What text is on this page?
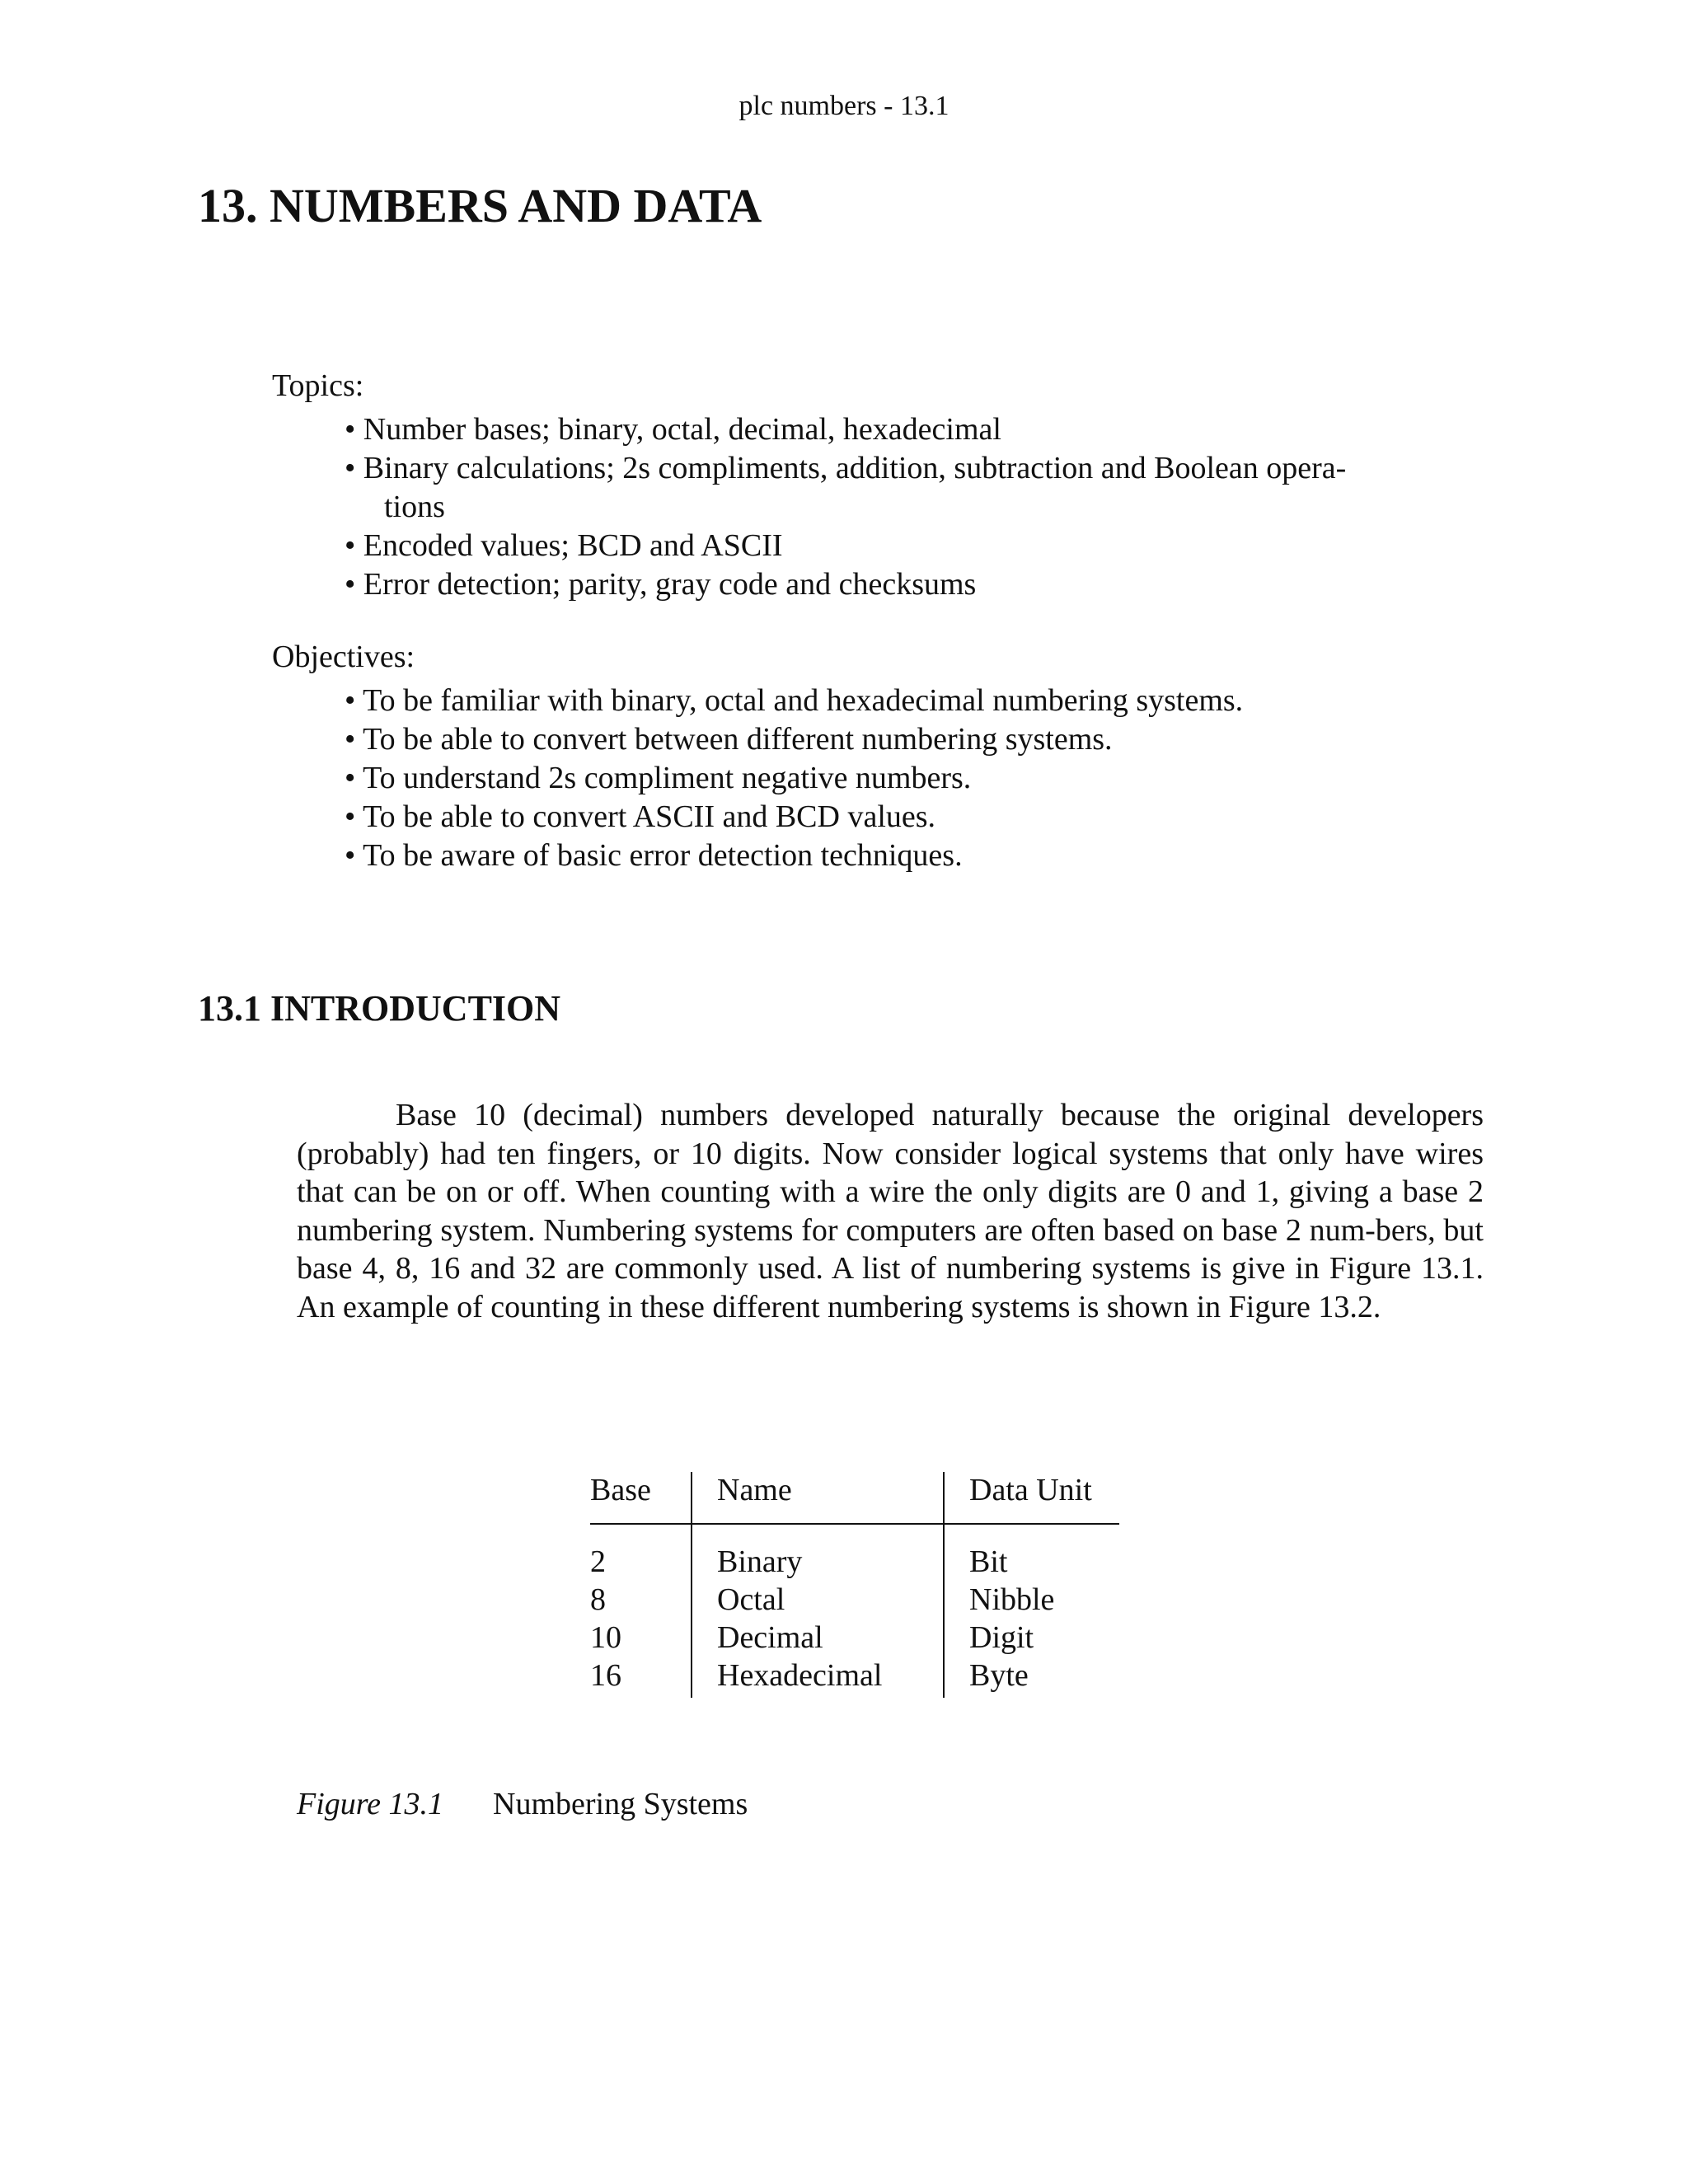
plc numbers - 13.1
13. NUMBERS AND DATA
Topics:
• Number bases; binary, octal, decimal, hexadecimal
• Binary calculations; 2s compliments, addition, subtraction and Boolean opera-
tions
• Encoded values; BCD and ASCII
• Error detection; parity, gray code and checksums
Objectives:
• To be familiar with binary, octal and hexadecimal numbering systems.
• To be able to convert between different numbering systems.
• To understand 2s compliment negative numbers.
• To be able to convert ASCII and BCD values.
• To be aware of basic error detection techniques.
13.1 INTRODUCTION

Base 10 (decimal) numbers developed naturally because the original developers (probably) had ten fingers, or 10 digits. Now consider logical systems that only have wires that can be on or off. When counting with a wire the only digits are 0 and 1, giving a base 2 numbering system. Numbering systems for computers are often based on base 2 num-bers, but base 4, 8, 16 and 32 are commonly used. A list of numbering systems is give in Figure 13.1. An example of counting in these different numbering systems is shown in Figure 13.2.

Base	Name	Data Unit
2	Binary	Bit
8	Octal	Nibble
10	Decimal	Digit
16	Hexadecimal	Byte
Figure 13.1 Numbering Systems
